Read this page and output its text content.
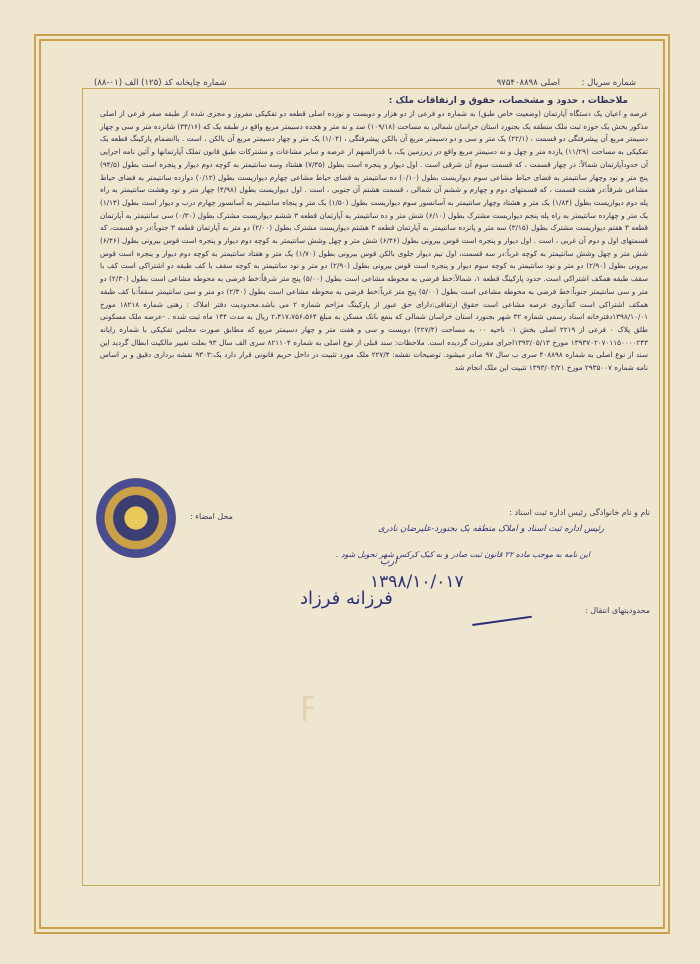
ߓ
شماره سریال :
اصلی ۹۷۵۴۰۸۸۹۸
شماره چاپخانه کد (۱۲۵) الف (۰۱-۸۸)
ملاحظات ، حدود و مشخصات، حقوق و ارتفاقات ملک :

عرصه و اعیان یک دستگاه آپارتمان (وضعیت خاص طبق) به شماره دو فرعی از دو هزار و دویست و نوزده اصلی قطعه دو تفکیکی مفروز و مجزی شده از طبقه صفر فرعی از اصلی مذکور بخش یک حوزه ثبت ملک منطقه یک بجنورد استان خراسان شمالی به مساحت (۱۰۹/۱۸) صد و نه متر و هجده دسیمتر مربع واقع در طبقه یک که (۳۴/۱۶) شانزده متر و سی و چهار دسیمتر مربع آن پیشرفتگی دو قسمت ، (۲۲/۱) یک متر و سی و دو دسیمتر مربع آن بالکن پیشرفتگی ، (۱/۰۴) یک متر و چهار دسیمتر مربع آن بالکن ، است . باانضمام پارکینگ قطعه یک تفکیکی به مساحت (۱۱/۲۹) یازده متر و چهل و نه دسیمتر مربع واقع در زیرزمین یک، با قدرالسهم از عرصه و سایر مشاعات و مشترکات طبق قانون تملک آپارتمانها و آئین نامه اجرایی آن حدودآپارتمان شمالاً: در چهار قسمت ، که قسمت سوم آن شرقی است . اول دیوار و پنجره است بطول (۷/۳۵) هشتاد وسه سانتیمتر به کوچه دوم دیوار و پنجره است بطول (۹۴/۵) پنج متر و نود وچهار سانتیمتر به فضای حیاط مشاعی سوم دیواریست بطول (۰/۱۰) ده سانتیمتر به فضای حیاط مشاعی چهارم دیواریست بطول (۰/۱۲) دوازده سانتیمتر به فضای حیاط مشاعی شرقاً:در هشت قسمت ، که قسمتهای دوم و چهارم و ششم آن شمالی ، قسمت هشتم آن جنوبی ، است . اول دیواریست بطول (۴/۹۸) چهار متر و نود وهشت سانتیمتر به راه پله دوم دیواریست بطول (۱/۸۴) یک متر و هشتاد وچهار سانتیمتر به آسانسور سوم دیواریست بطول (۱/۵۰) یک متر و پنجاه سانتیمتر به آسانسور چهارم درب و دیوار است بطول (۱/۱۴) یک متر و چهارده سانتیمتر به راه پله پنجم دیواریست مشترک بطول (۶/۱۰) شش متر و ده سانتیمتر به آپارتمان قطعه ۳ ششم دیواریست مشترک بطول (۰/۳۰) سی سانتیمتر به آپارتمان قطعه ۳ هفتم دیواریست مشترک بطول (۳/۱۵) سه متر و پانزده سانتیمتر به آپارتمان قطعه ۳ هشتم دیواریست مشترک بطول (۲/۰۰) دو متر به آپارتمان قطعه ۳ جنوباً:در دو قسمت، که قسمتهای اول و دوم آن غربی ، است . اول دیوار و پنجره است قوس بیرونی بطول (۶/۴۶) شش متر و چهل وشش سانتیمتر به کوچه دوم دیوار و پنجره است قوس بیرونی بطول (۶/۴۶) شش متر و چهل وشش سانتیمتر به کوچه غرباً:در سه قسمت، اول نیم دیوار جلوی بالکن قوس بیرونی بطول (۱/۷۰) یک متر و هفتاد سانتیمتر به کوچه دوم دیوار و پنجره است قوس بیرونی بطول (۲/۹۰) دو متر و نود سانتیمتر به کوچه سوم دیوار و پنجره است قوس بیرونی بطول (۲/۹۰) دو متر و نود سانتیمتر به کوچه سقف با کف طبقه دو اشتراکی است کف با سقف طبقه همکف اشتراکی است. حدود پارکینگ قطعه ۱، شمالاً:خط فرضی به محوطه مشاعی است بطول (۵/۰۰) پنج متر شرقاً:خط فرضی به محوطه مشاعی است بطول (۲/۳۰) دو متر و سی سانتیمتر جنوباً:خط فرضی به محوطه مشاعی است بطول (۵/۰۰) پنج متر غرباً:خط فرضی به محوطه مشاعی است بطول (۲/۳۰) دو متر و سی سانتیمتر سقفاً:با کف طبقه همکف اشتراکی است کفاً:روی عرصه مشاعی است حقوق ارتفاقی:دارای حق عبور از پارکینگ مزاحم شماره ۲ می باشد.محدودیت دفتر املاک : رهنی شماره ۱۸۲۱۸ مورخ ۱۳۹۸/۱۰/۰۱دفترخانه اسناد رسمی شماره ۳۲ شهر بجنورد استان خراسان شمالی که بنفع بانک مسکن به مبلغ ۲،۴۱۷،۷۵۶،۵۶۴ ریال به مدت ۱۴۴ ماه ثبت شده . -عرصه ملک مسکونی طلق پلاک ۰ فرعی از ۲۲۱۹ اصلی بخش ۰۱ ناحیه ۰۰ به مساحت (۲۲۷/۴) دویست و سی و هفت متر و چهار دسیمتر مربع که مطابق صورت مجلس تفکیکی با شماره رایانه ۱۳۹۳۷۰۲۰۷۰۱۱۵۰۰۰۰۲۴۳ مورخ ۱۳۹۳/۰۵/۱۳اجرای مقررات گردیده است. ملاحظات: سند قبلی از نوع اصلی به شماره ۸۲۱۱۰۴ سری الف سال ۹۳ بعلت تغییر مالکیت ابطال گردید این سند از نوع اصلی به شماره ۴۰۸۸۹۸ سری ب سال ۹۷ صادر میشود. توضیحات نقشه: ۲۲۷/۴ ملک مورد تثبیت در داخل حریم قانونی قرار دارد یک:۹۳۰۳ نقشه برداری دقیق و بر اساس نامه شماره ۲۹۳۵۰۰۷ مورخ ۱۳۹۳/۰۳/۲۱ تثبیت این ملک انجام شد

نام و نام خانوادگی رئیس اداره ثبت اسناد :
محل امضاء :
رئیس اداره ثبت اسناد و املاک منطقه یک بجنورد-علیرضان نادری
این نامه به موجب ماده ۲۲ قانون ثبت صادر و به کیک کرکس شهر تحویل شود .
ارب
۱۳۹۸/۱۰/۰۱۷
فرزانه فرزاد
محدودیتهای انتقال :
